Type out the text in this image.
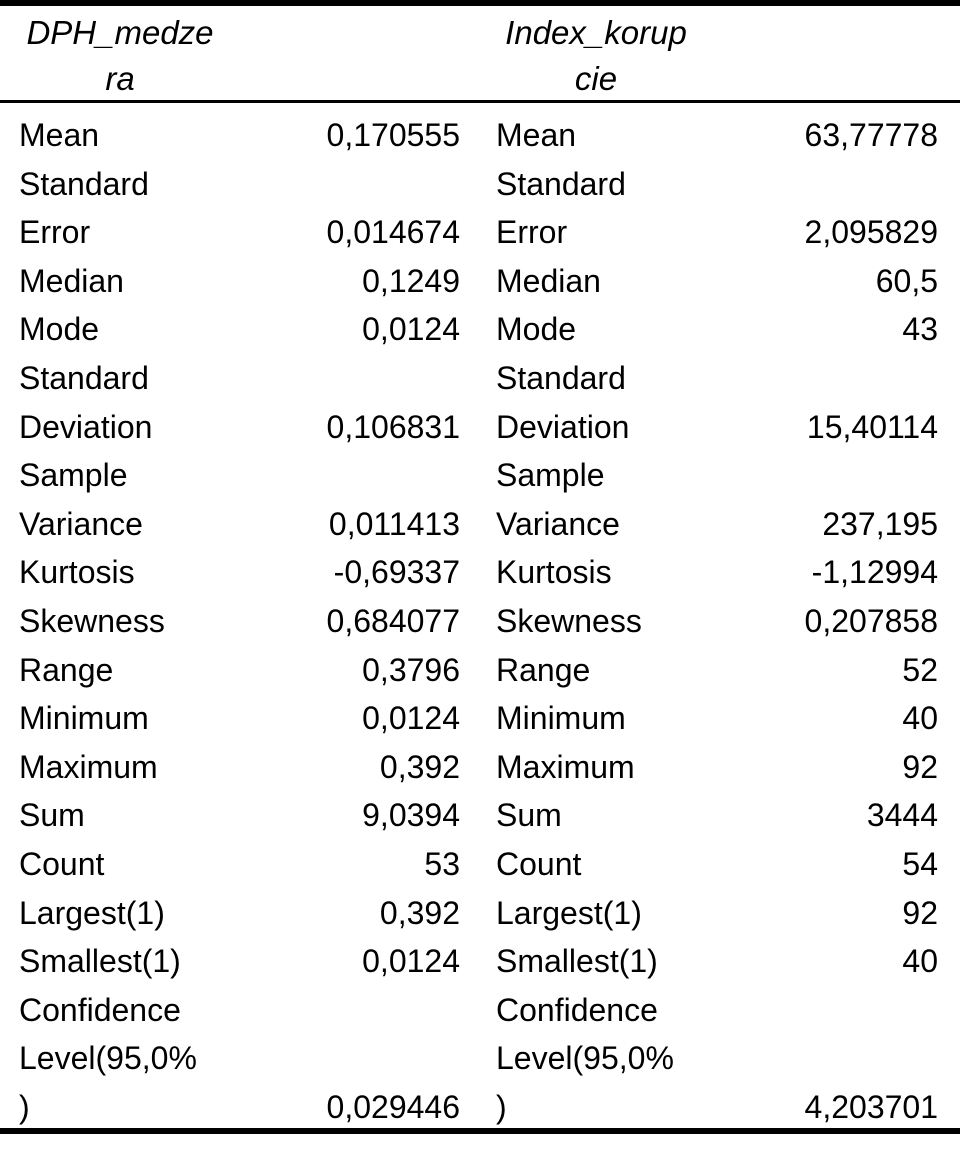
DPH_medze
ra
Index_korup
cie
Mean	0,170555 Mean	63,77778
Standard	Standard
Error	0,014674 Error	2,095829
Median	0,1249 Median	60,5
Mode	0,0124 Mode	43
Standard	Standard
Deviation	0,106831 Deviation	15,40114
Sample	Sample
Variance	0,011413 Variance	237,195
Kurtosis	-0,69337 Kurtosis	-1,12994
Skewness	0,684077 Skewness	0,207858
Range	0,3796 Range	52
Minimum	0,0124 Minimum	40
Maximum	0,392 Maximum	92
Sum	9,0394 Sum	3444
Count	53 Count	54
Largest(1)	0,392 Largest(1)	92
Smallest(1)	0,0124 Smallest(1)	40
Confidence	Confidence
Level(95,0%	Level(95,0%
)	0,029446 )	4,203701
